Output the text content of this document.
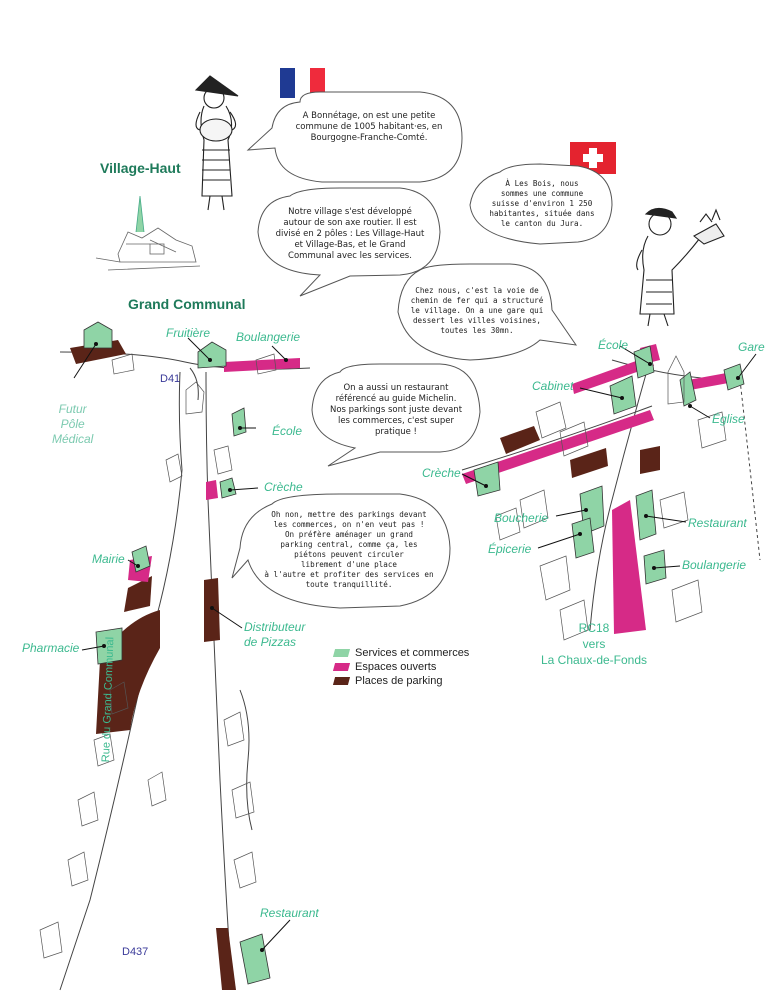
Village-Haut
Grand Communal
A Bonnétage, on est une petite
commune de 1005 habitant·es, en
Bourgogne-Franche-Comté.
Notre village s'est développé
autour de son axe routier. Il est
divisé en 2 pôles : Les Village-Haut
et Village-Bas, et le Grand
Communal avec les services.
On a aussi un restaurant
référencé au guide Michelin.
Nos parkings sont juste devant
les commerces, c'est super
pratique !
À Les Bois, nous
sommes une commune
suisse d'environ 1 250
habitantes, située dans
le canton du Jura.
Chez nous, c'est la voie de
chemin de fer qui a structuré
le village. On a une gare qui
dessert les villes voisines,
toutes les 30mn.
Oh non, mettre des parkings devant
les commerces, on n'en veut pas !
On préfère aménager un grand
parking central, comme ça, les
piétons peuvent circuler
librement d'une place
à l'autre et profiter des services en
toute tranquillité.
Fruitière Boulangerie
D41
Futur
Pôle
Médical
École
Crèche
Mairie
Pharmacie
Distributeur
de Pizzas
Rue du Grand Communal
Restaurant
D437
École	Gare
Cabinet
Église
Crèche
Boucherie	Restaurant
Épicerie
Boulangerie
RC18
vers
La Chaux-de-Fonds
Services et commerces
Espaces ouverts
Places de parking
